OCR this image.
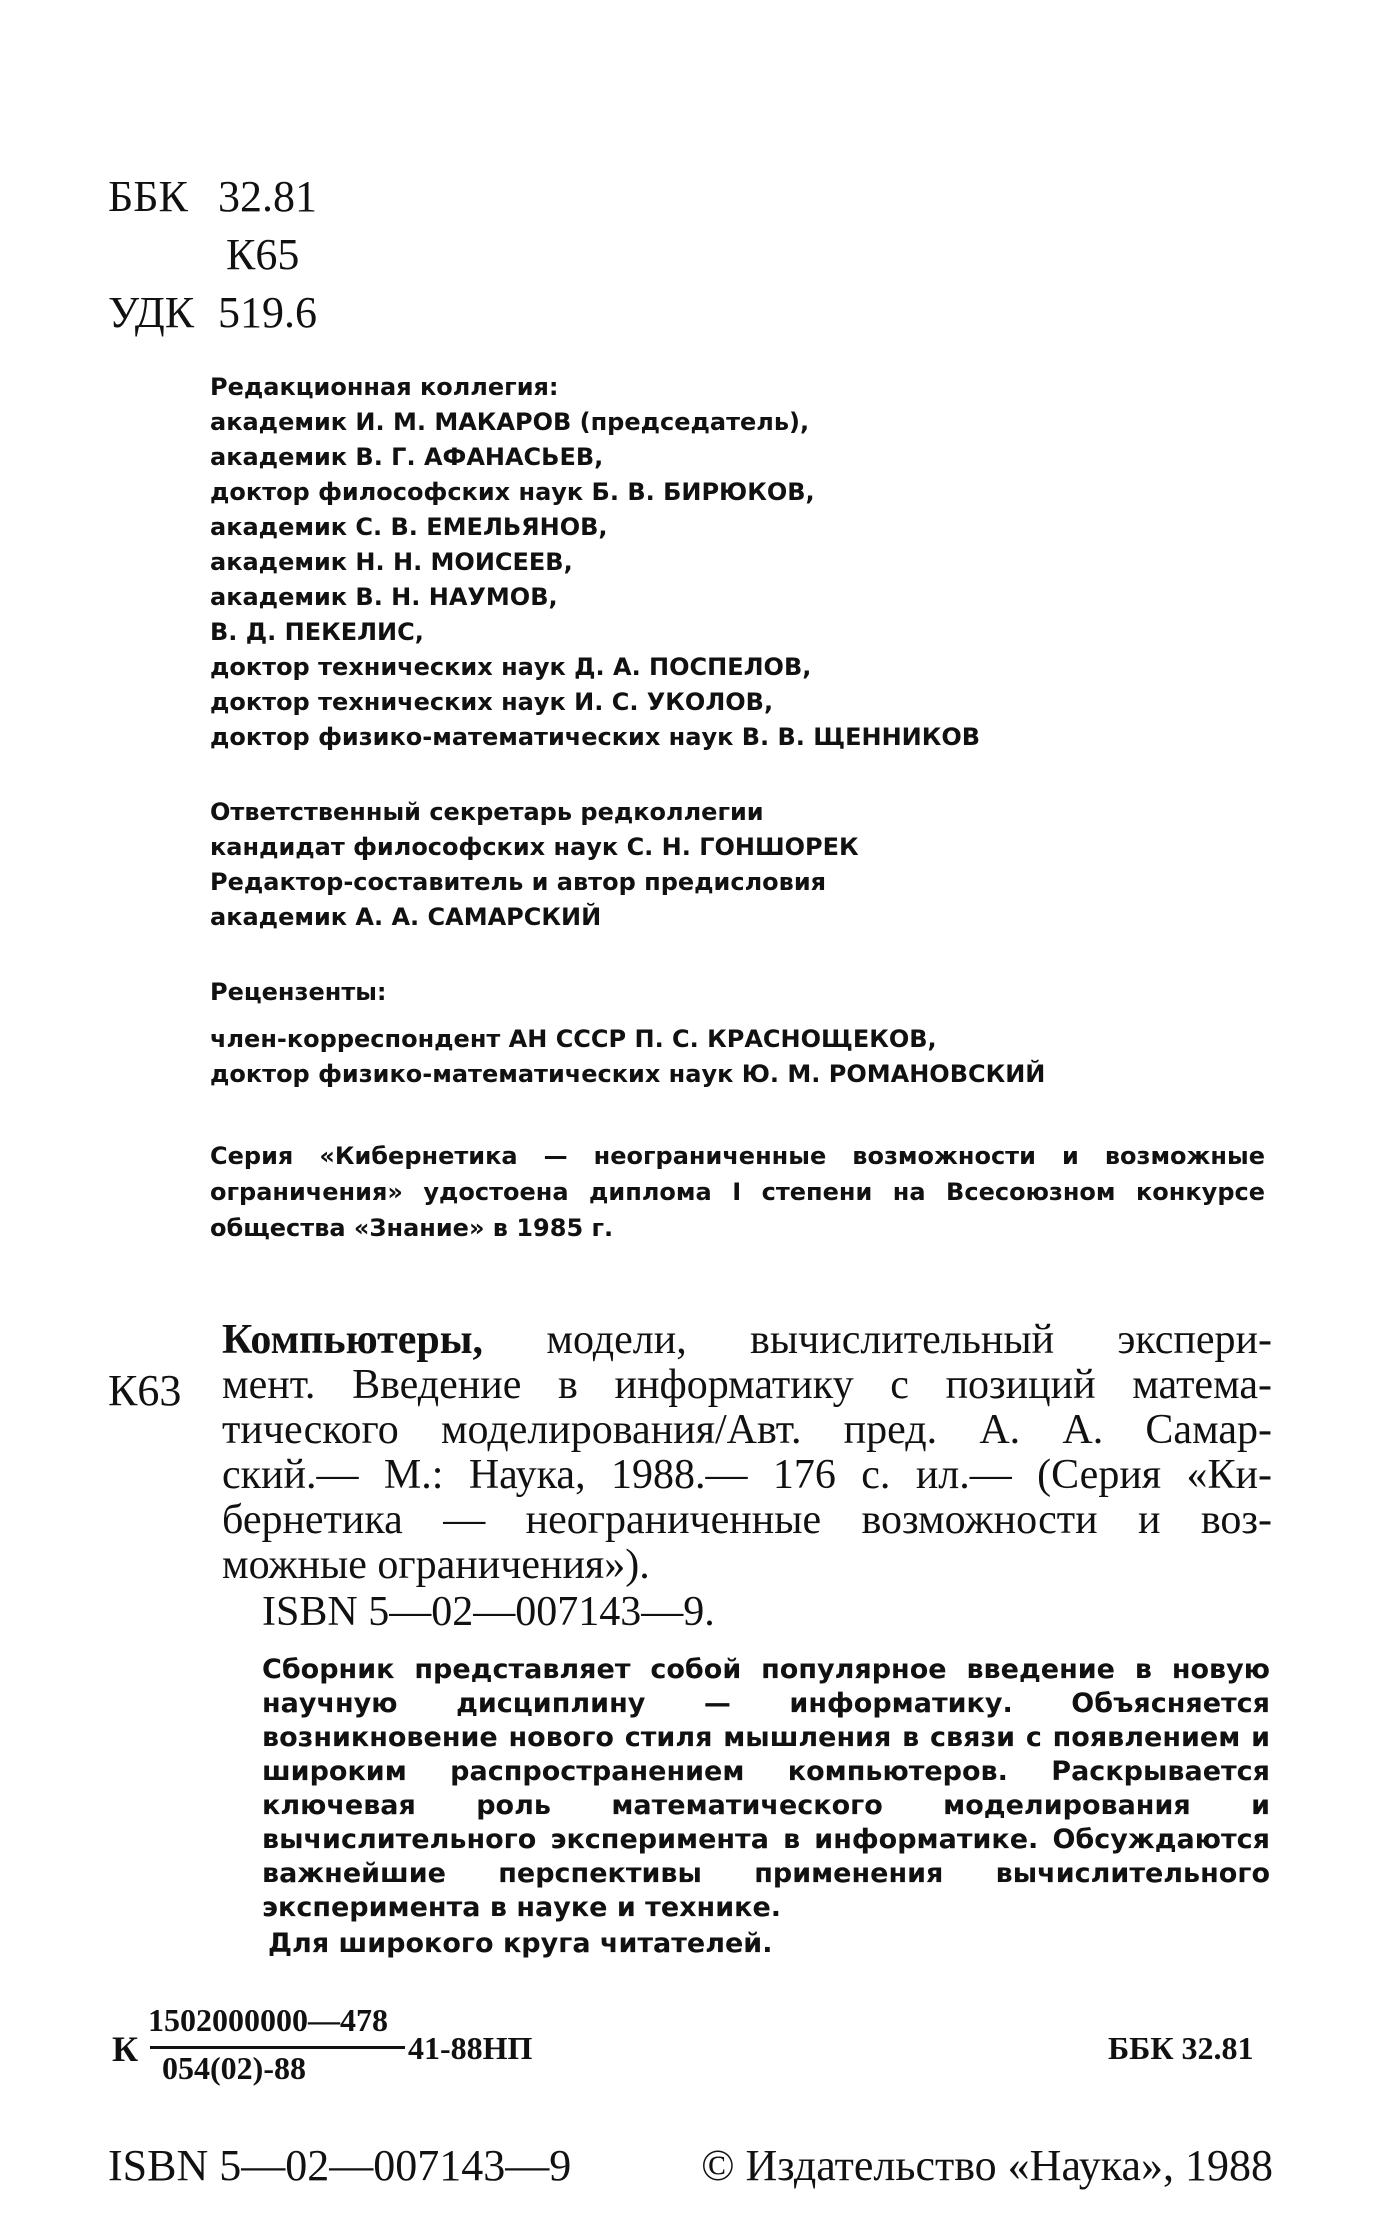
ББК 32.81
К65
УДК 519.6
Редакционная коллегия:
академик И. М. МАКАРОВ (председатель),
академик В. Г. АФАНАСЬЕВ,
доктор философских наук Б. В. БИРЮКОВ,
академик С. В. ЕМЕЛЬЯНОВ,
академик Н. Н. МОИСЕЕВ,
академик В. Н. НАУМОВ,
В. Д. ПЕКЕЛИС,
доктор технических наук Д. А. ПОСПЕЛОВ,
доктор технических наук И. С. УКОЛОВ,
доктор физико-математических наук В. В. ЩЕННИКОВ
Ответственный секретарь редколлегии
кандидат философских наук С. Н. ГОНШОРЕК
Редактор-составитель и автор предисловия
академик А. А. САМАРСКИЙ
Рецензенты:
член-корреспондент АН СССР П. С. КРАСНОЩЕКОВ,
доктор физико-математических наук Ю. М. РОМАНОВСКИЙ
Серия «Кибернетика — неограниченные возможности и возможные ограничения» удостоена диплома I степени на Всесоюзном конкурсе общества «Знание» в 1985 г.
К63
Компьютеры, модели, вычислительный экспери-
мент. Введение в информатику с позиций матема-
тического моделирования/Авт. пред. А. А. Самар-
ский.— М.: Наука, 1988.— 176 с. ил.— (Серия «Ки-
бернетика — неограниченные возможности и воз-
можные ограничения»).
ISBN 5—02—007143—9.
Сборник представляет собой популярное введение в новую научную дисциплину — информатику. Объясняется возникновение нового стиля мышления в связи с появлением и широким распространением компьютеров. Раскрывается ключевая роль математического моделирования и вычислительного эксперимента в информатике. Обсуждаются важнейшие перспективы применения вычислительного эксперимента в науке и технике.
Для широкого круга читателей.
К
1502000000—478
054(02)-88
41-88НП	ББК 32.81
ISBN 5—02—007143—9	© Издательство «Наука», 1988
